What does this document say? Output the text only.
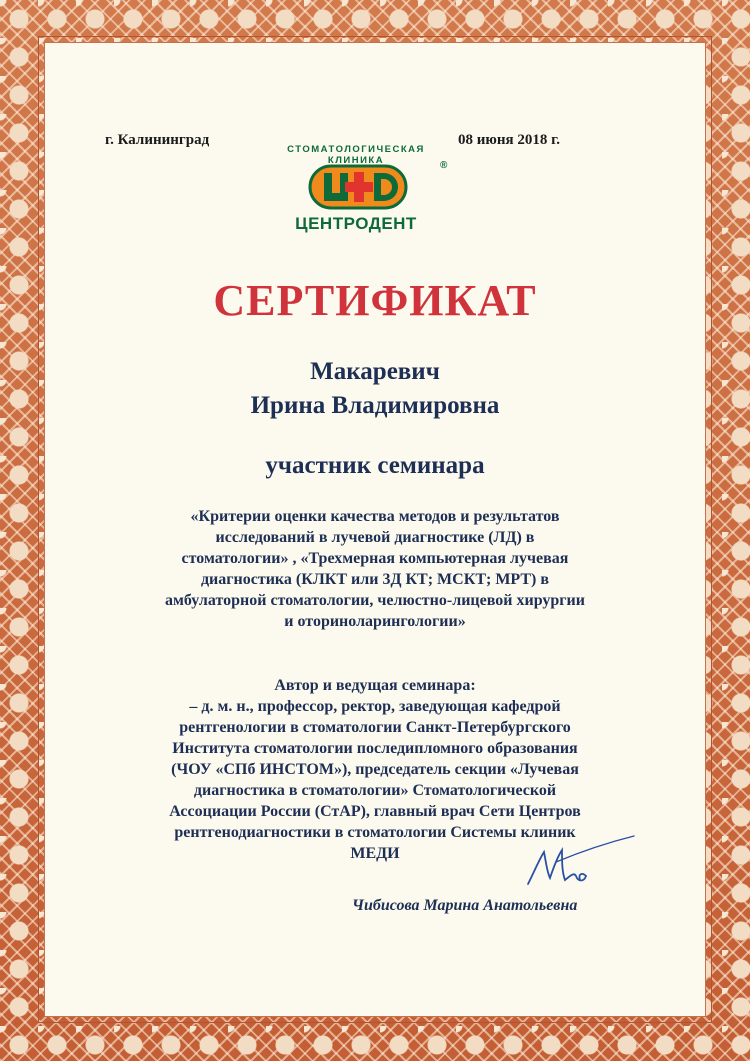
г. Калининград	08 июня 2018 г.
СТОМАТОЛОГИЧЕСКАЯ КЛИНИКА	®
ЦЕНТРОДЕНТ
СЕРТИФИКАТ
Макаревич
Ирина Владимировна
участник семинара
«Критерии оценки качества методов и результатов
исследований в лучевой диагностике (ЛД) в
стоматологии» , «Трехмерная компьютерная лучевая
диагностика (КЛКТ или 3Д КТ; МСКТ; МРТ) в
амбулаторной стоматологии, челюстно-лицевой хирургии
и оториноларингологии»
Автор и ведущая семинара:
– д. м. н., профессор, ректор, заведующая кафедрой
рентгенологии в стоматологии Санкт-Петербургского
Института стоматологии последипломного образования
(ЧОУ «СПб ИНСТОМ»), председатель секции «Лучевая
диагностика в стоматологии» Стоматологической
Ассоциации России (СтАР), главный врач Сети Центров
рентгенодиагностики в стоматологии Системы клиник
МЕДИ
Чибисова Марина Анатольевна
